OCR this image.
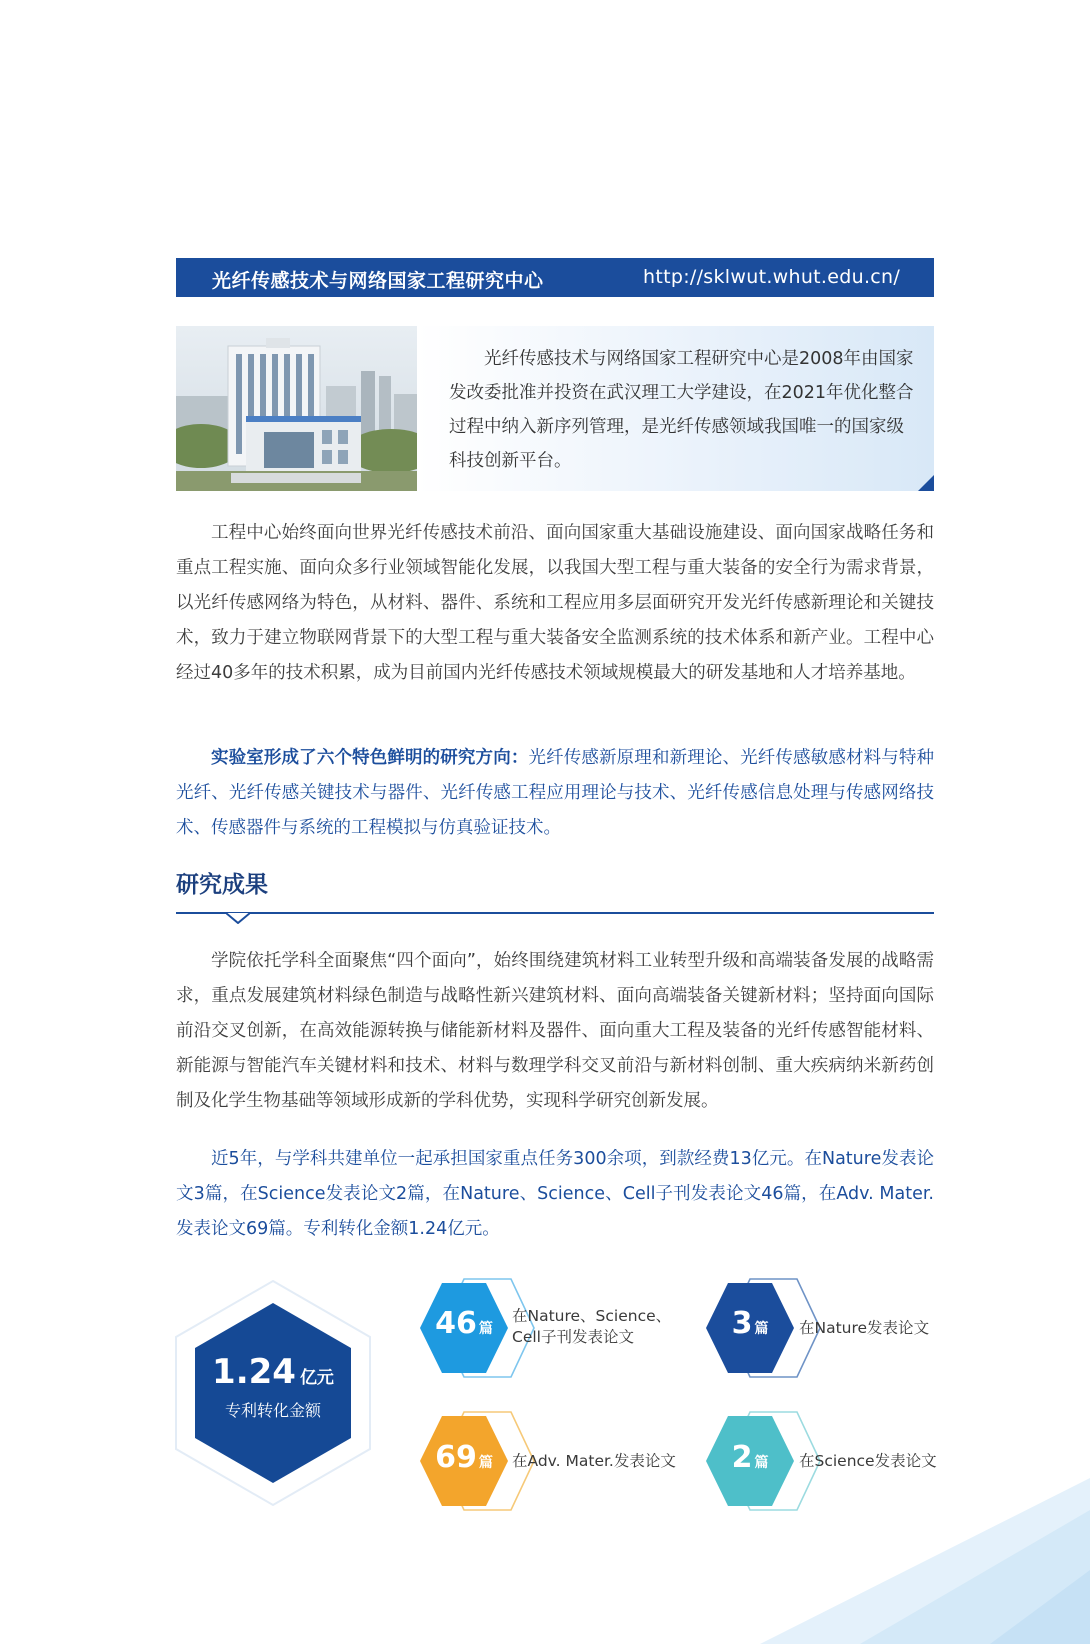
光纤传感技术与网络国家工程研究中心	http://sklwut.whut.edu.cn/
光纤传感技术与网络国家工程研究中心是2008年由国家发改委批准并投资在武汉理工大学建设，在2021年优化整合过程中纳入新序列管理，是光纤传感领域我国唯一的国家级科技创新平台。

工程中心始终面向世界光纤传感技术前沿、面向国家重大基础设施建设、面向国家战略任务和重点工程实施、面向众多行业领域智能化发展，以我国大型工程与重大装备的安全行为需求背景，以光纤传感网络为特色，从材料、器件、系统和工程应用多层面研究开发光纤传感新理论和关键技术，致力于建立物联网背景下的大型工程与重大装备安全监测系统的技术体系和新产业。工程中心经过40多年的技术积累，成为目前国内光纤传感技术领域规模最大的研发基地和人才培养基地。

实验室形成了六个特色鲜明的研究方向：光纤传感新原理和新理论、光纤传感敏感材料与特种光纤、光纤传感关键技术与器件、光纤传感工程应用理论与技术、光纤传感信息处理与传感网络技术、传感器件与系统的工程模拟与仿真验证技术。

研究成果

学院依托学科全面聚焦“四个面向”，始终围绕建筑材料工业转型升级和高端装备发展的战略需求，重点发展建筑材料绿色制造与战略性新兴建筑材料、面向高端装备关键新材料；坚持面向国际前沿交叉创新，在高效能源转换与储能新材料及器件、面向重大工程及装备的光纤传感智能材料、新能源与智能汽车关键材料和技术、材料与数理学科交叉前沿与新材料创制、重大疾病纳米新药创制及化学生物基础等领域形成新的学科优势，实现科学研究创新发展。

近5年，与学科共建单位一起承担国家重点任务300余项，到款经费13亿元。在Nature发表论文3篇，在Science发表论文2篇，在Nature、Science、Cell子刊发表论文46篇，在Adv. Mater.发表论文69篇。专利转化金额1.24亿元。

1.24 亿元
专利转化金额
46 篇
在Nature、Science、
Cell子刊发表论文	3 篇	在Nature发表论文
69 篇	在Adv. Mater.发表论文	2 篇	在Science发表论文
